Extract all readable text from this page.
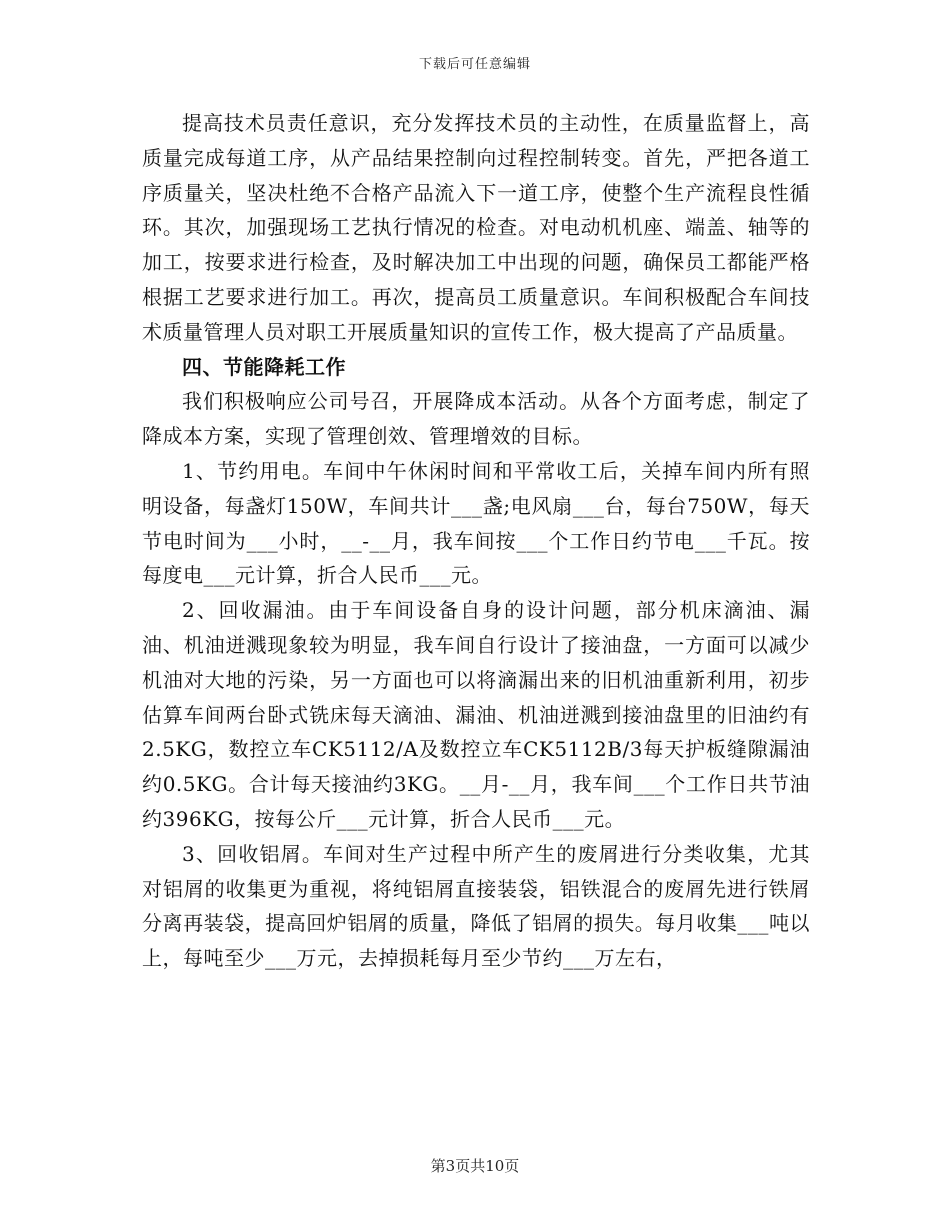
下载后可任意编辑

提高技术员责任意识，充分发挥技术员的主动性，在质量监督上，高质量完成每道工序，从产品结果控制向过程控制转变。首先，严把各道工序质量关，坚决杜绝不合格产品流入下一道工序，使整个生产流程良性循环。其次，加强现场工艺执行情况的检查。对电动机机座、端盖、轴等的加工，按要求进行检查，及时解决加工中出现的问题，确保员工都能严格根据工艺要求进行加工。再次，提高员工质量意识。车间积极配合车间技术质量管理人员对职工开展质量知识的宣传工作，极大提高了产品质量。

四、节能降耗工作

我们积极响应公司号召，开展降成本活动。从各个方面考虑，制定了降成本方案，实现了管理创效、管理增效的目标。

1、节约用电。车间中午休闲时间和平常收工后，关掉车间内所有照明设备，每盏灯150W，车间共计___盏;电风扇___台，每台750W，每天节电时间为___小时，__-__月，我车间按___个工作日约节电___千瓦。按每度电___元计算，折合人民币___元。

2、回收漏油。由于车间设备自身的设计问题，部分机床滴油、漏油、机油迸溅现象较为明显，我车间自行设计了接油盘，一方面可以减少机油对大地的污染，另一方面也可以将滴漏出来的旧机油重新利用，初步估算车间两台卧式铣床每天滴油、漏油、机油迸溅到接油盘里的旧油约有2.5KG，数控立车CK5112/A及数控立车CK5112B/3每天护板缝隙漏油约0.5KG。合计每天接油约3KG。__月-__月，我车间___个工作日共节油约396KG，按每公斤___元计算，折合人民币___元。

3、回收铝屑。车间对生产过程中所产生的废屑进行分类收集，尤其对铝屑的收集更为重视，将纯铝屑直接装袋，铝铁混合的废屑先进行铁屑分离再装袋，提高回炉铝屑的质量，降低了铝屑的损失。每月收集___吨以上，每吨至少___万元，去掉损耗每月至少节约___万左右，

第3页共10页
